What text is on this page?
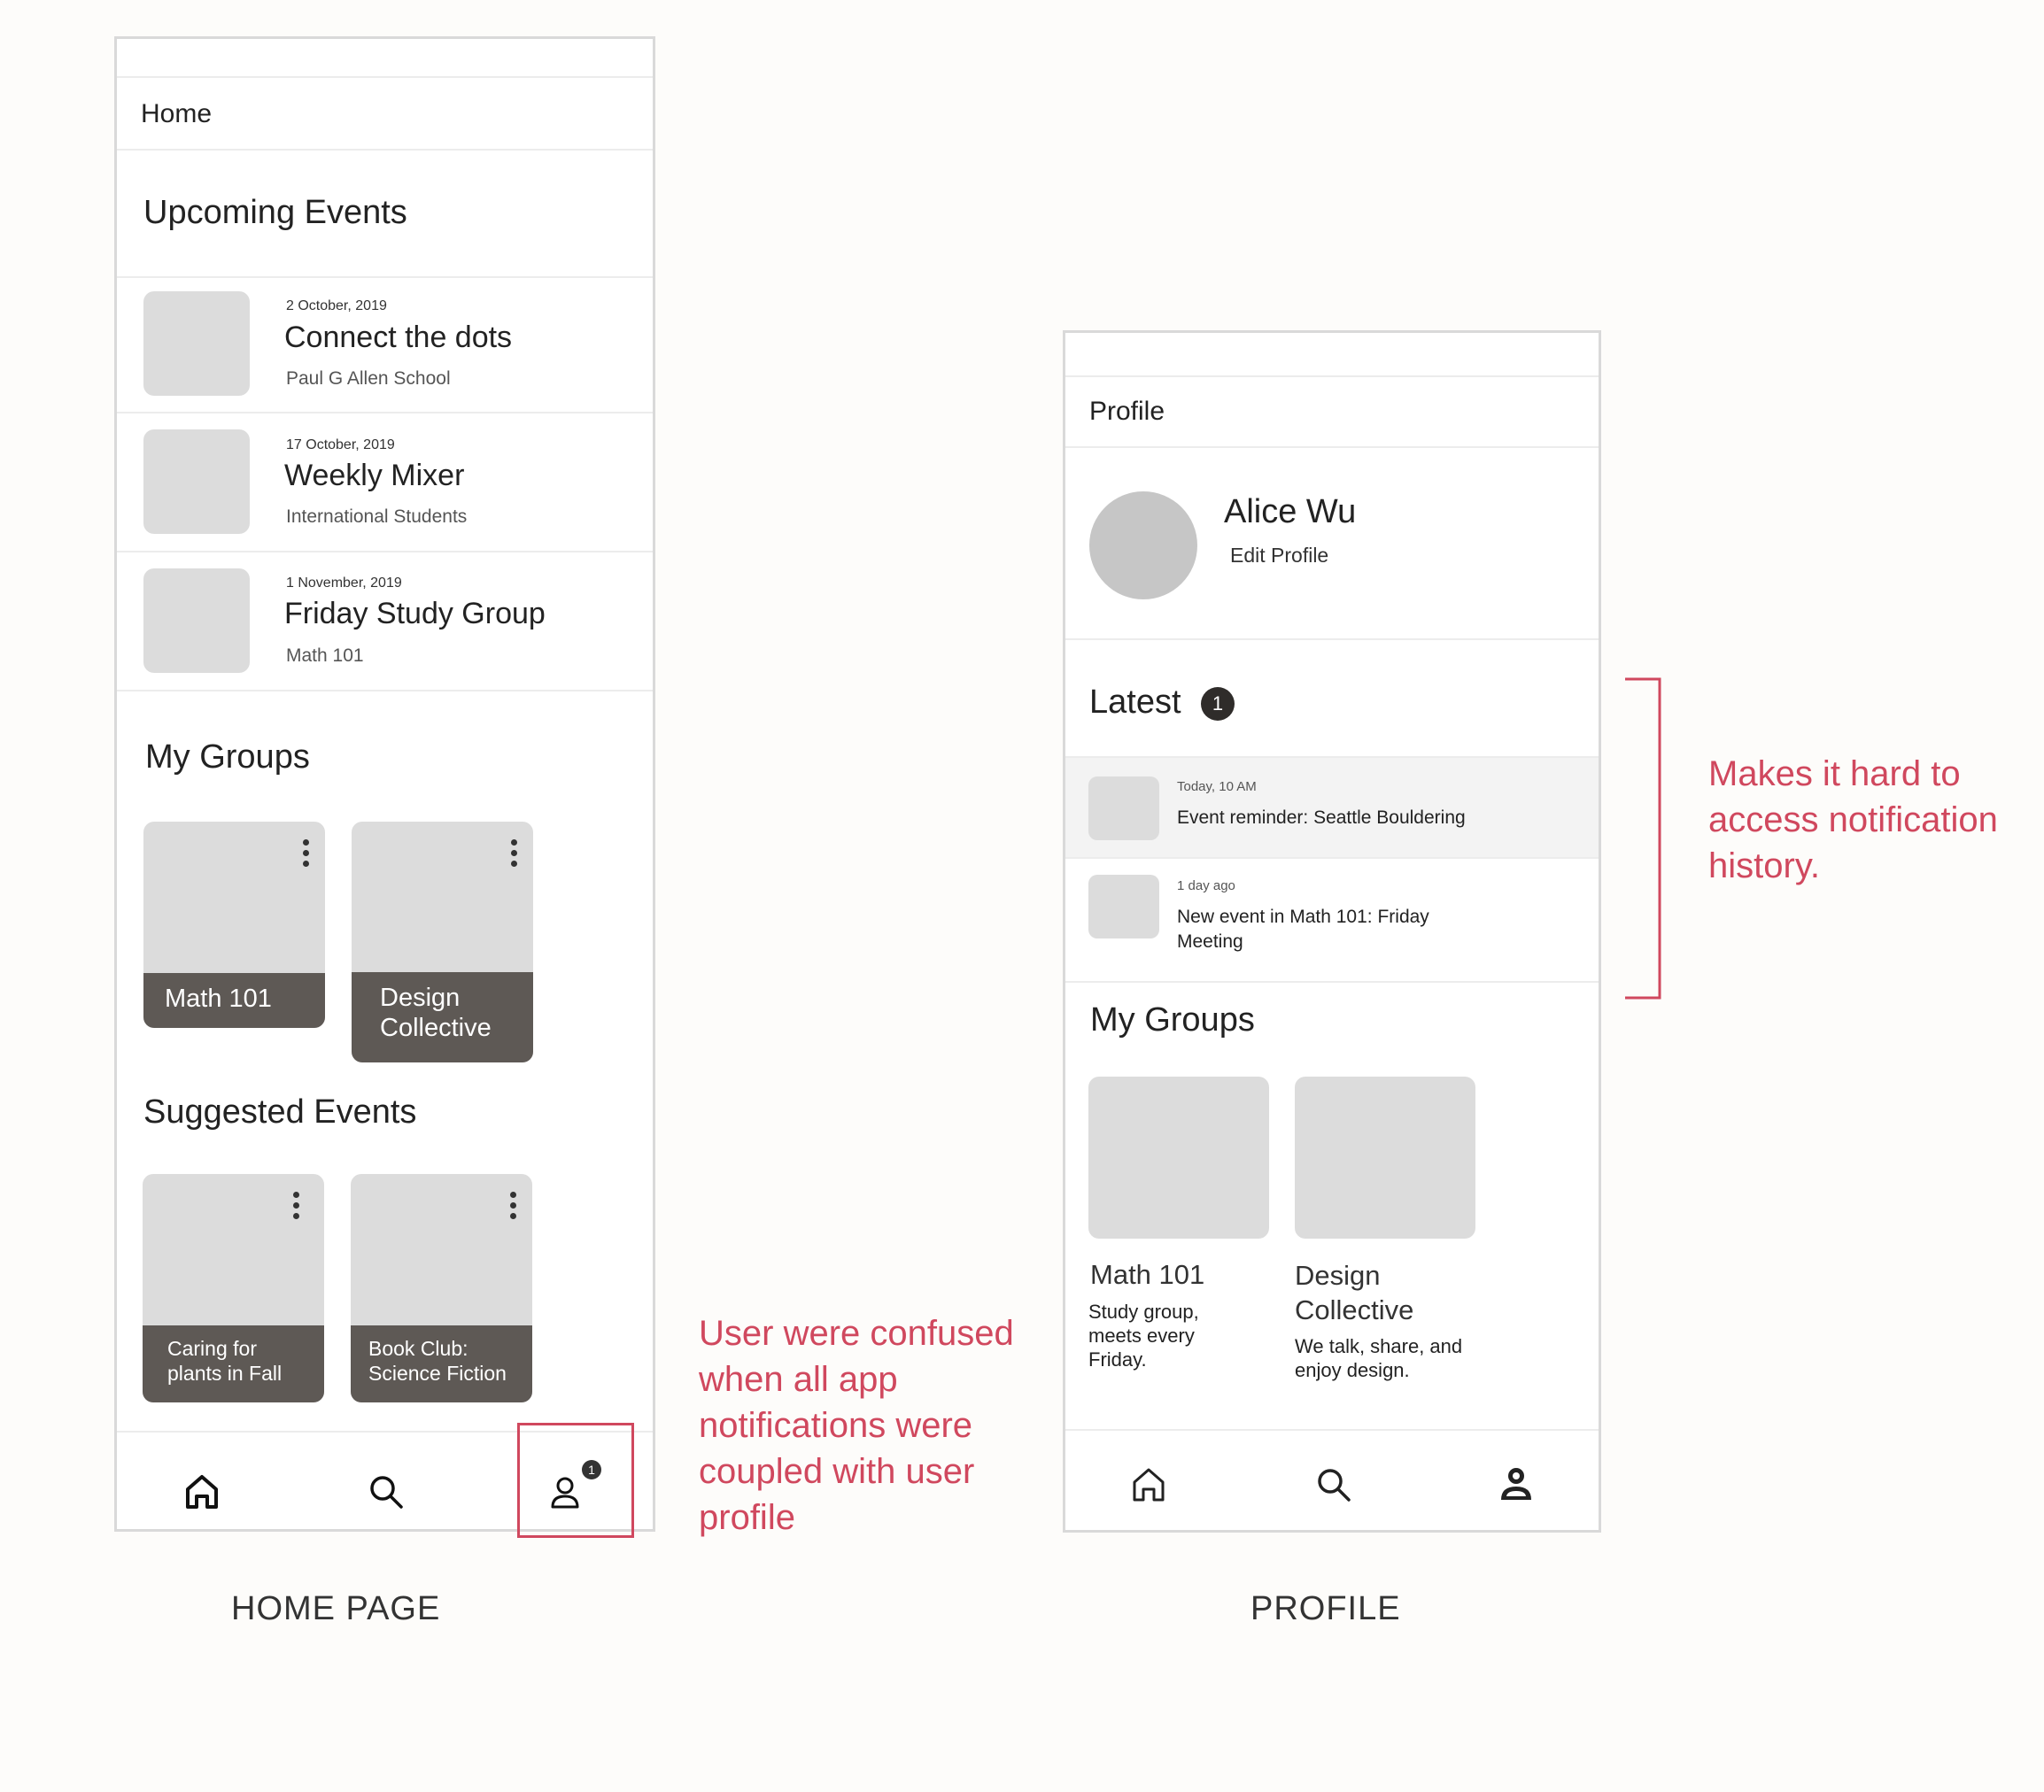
Home
Upcoming Events
2 October, 2019
Connect the dots
Paul G Allen School
17 October, 2019
Weekly Mixer
International Students
1 November, 2019
Friday Study Group
Math 101
My Groups
Math 101	Design Collective
Suggested Events
Caring for plants in Fall
Book Club: Science Fiction
1
User were confused when all app notifications were coupled with user profile
HOME PAGE
Profile
Alice Wu
Edit Profile
Latest	1
Today, 10 AM
Event reminder: Seattle Bouldering
1 day ago
New event in Math 101: Friday Meeting
My Groups
Math 101
Study group, meets every Friday.
Design Collective
We talk, share, and enjoy design.
Makes it hard to access notification history.
PROFILE
